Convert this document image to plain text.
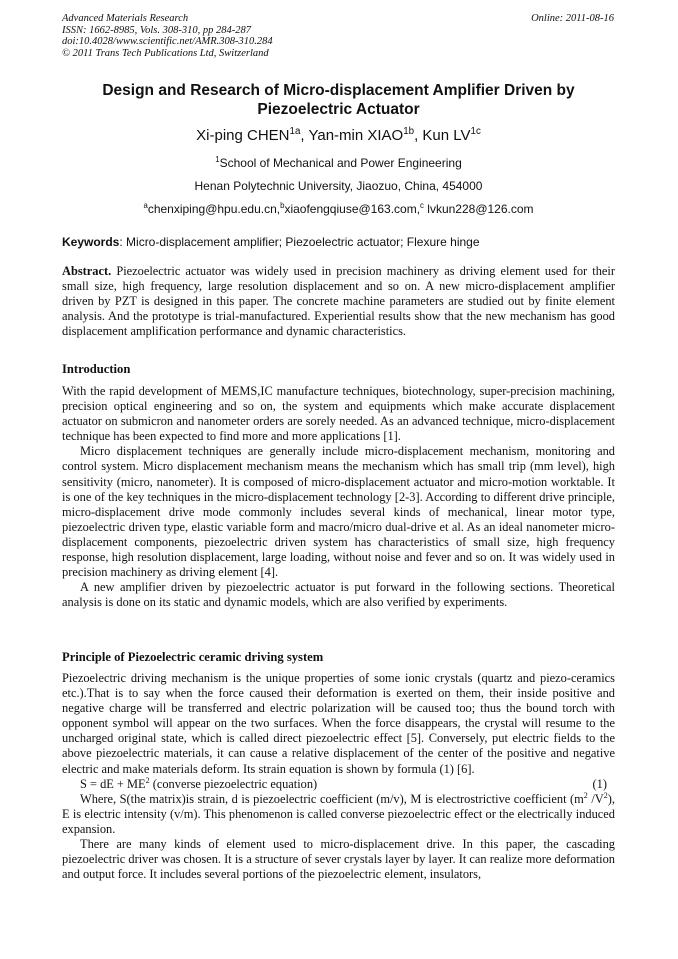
Advanced Materials Research
ISSN: 1662-8985, Vols. 308-310, pp 284-287
doi:10.4028/www.scientific.net/AMR.308-310.284
© 2011 Trans Tech Publications Ltd, Switzerland
Online: 2011-08-16
Design and Research of Micro-displacement Amplifier Driven by
Piezoelectric Actuator
Xi-ping $CHEN^{1a}$, Yan-min $XIAO^{1b}$, Kun $LV^{1c}$
$^1$School of Mechanical and Power Engineering
Henan Polytechnic University, Jiaozuo, China, 454000
$^a$chenxiping@hpu.edu.cn,$^b$xiaofengqiuse@163.com,$^c$ lvkun228@126.com
Keywords: Micro-displacement amplifier; Piezoelectric actuator; Flexure hinge

Abstract. Piezoelectric actuator was widely used in precision machinery as driving element used for their small size, high frequency, large resolution displacement and so on. A new micro-displacement amplifier driven by PZT is designed in this paper. The concrete machine parameters are studied out by finite element analysis. And the prototype is trial-manufactured. Experiential results show that the new mechanism has good displacement amplification performance and dynamic characteristics.

Introduction

With the rapid development of MEMS,IC manufacture techniques, biotechnology, super-precision machining, precision optical engineering and so on, the system and equipments which make accurate displacement actuator on submicron and nanometer orders are sorely needed. As an advanced technique, micro-displacement technique has been expected to find more and more applications [1].

Micro displacement techniques are generally include micro-displacement mechanism, monitoring and control system. Micro displacement mechanism means the mechanism which has small trip (mm level), high sensitivity (micro, nanometer). It is composed of micro-displacement actuator and micro-motion worktable. It is one of the key techniques in the micro-displacement technology [2-3]. According to different drive principle, micro-displacement drive mode commonly includes several kinds of mechanical, linear motor type, piezoelectric driven type, elastic variable form and macro/micro dual-drive et al. As an ideal nanometer micro-displacement components, piezoelectric driven system has characteristics of small size, high frequency response, high resolution displacement, large loading, without noise and fever and so on. It was widely used in precision machinery as driving element [4].

A new amplifier driven by piezoelectric actuator is put forward in the following sections. Theoretical analysis is done on its static and dynamic models, which are also verified by experiments.

Principle of Piezoelectric ceramic driving system

Piezoelectric driving mechanism is the unique properties of some ionic crystals (quartz and piezo-ceramics etc.).That is to say when the force caused their deformation is exerted on them, their inside positive and negative charge will be transferred and electric polarization will be caused too; thus the bound torch with opponent symbol will appear on the two surfaces. When the force disappears, the crystal will resume to the uncharged original state, which is called direct piezoelectric effect [5]. Conversely, put electric fields to the above piezoelectric materials, it can cause a relative displacement of the center of the positive and negative electric and make materials deform. Its strain equation is shown by formula (1) [6].

S = dE + $ME^2$ (converse piezoelectric equation)	(1)

Where, S(the matrix)is strain, d is piezoelectric coefficient (m/v), M is electrostrictive coefficient ($m^2$ $/V^2$), E is electric intensity (v/m). This phenomenon is called converse piezoelectric effect or the electrically induced expansion.

There are many kinds of element used to micro-displacement drive. In this paper, the cascading piezoelectric driver was chosen. It is a structure of sever crystals layer by layer. It can realize more deformation and output force. It includes several portions of the piezoelectric element, insulators,
